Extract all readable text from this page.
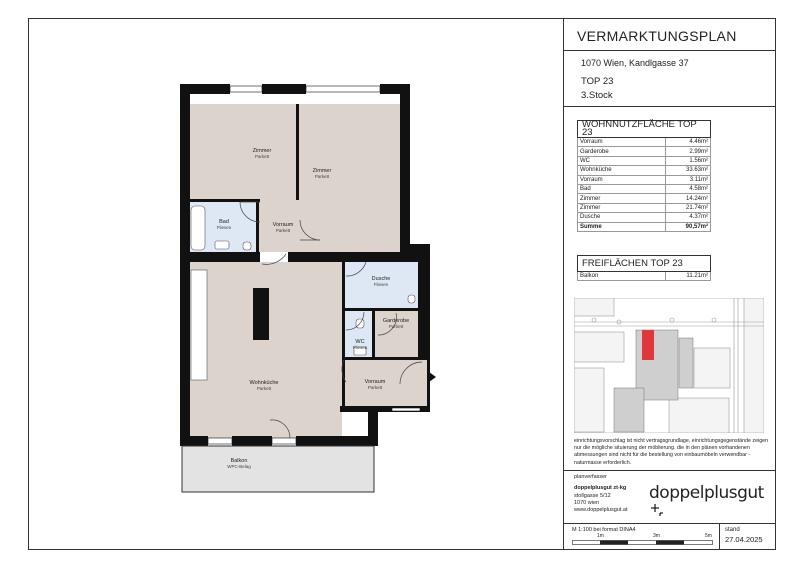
Zimmer
Parkett
Zimmer
Parkett
Bad
Fliesen	Vorraum
Parkett
Dusche
Fliesen
Garderobe
Parkett
WC
Fliesen
Wohnküche
Parkett
Vorraum
Parkett
Balkon
WPC-Belag
VERMARKTUNGSPLAN
1070 Wien, Kandlgasse 37
TOP 23
3.Stock
WOHNNUTZFLÄCHE TOP 23	
Vorraum	4.46m²
Garderobe	2.99m²
WC	1.56m²
Wohnküche	33.63m²
Vorraum	3.11m²
Bad	4.58m²
Zimmer	14.24m²
Zimmer	21.74m²
Dusche	4.37m²
Summe	90,57m²
FREIFLÄCHEN TOP 23
Balkon	11.21m²
einrichtungsvorschlag ist nicht vertragsgrundlage, einrichtungsgegenstände zeigen nur die mögliche situierung der möblierung. die in den plänen vorhandenen abmessungen sind nicht für die bestellung von einbaumöbeln verwendbar - naturmasse erforderlich.
planverfasser
doppelplusgut zt-kg
stollgasse 5/12
1070 wien
www.doppelplusgut.at
doppelplusgut
M 1:100 bei format DINA4
1m	3m	5m
stand
27.04.2025
